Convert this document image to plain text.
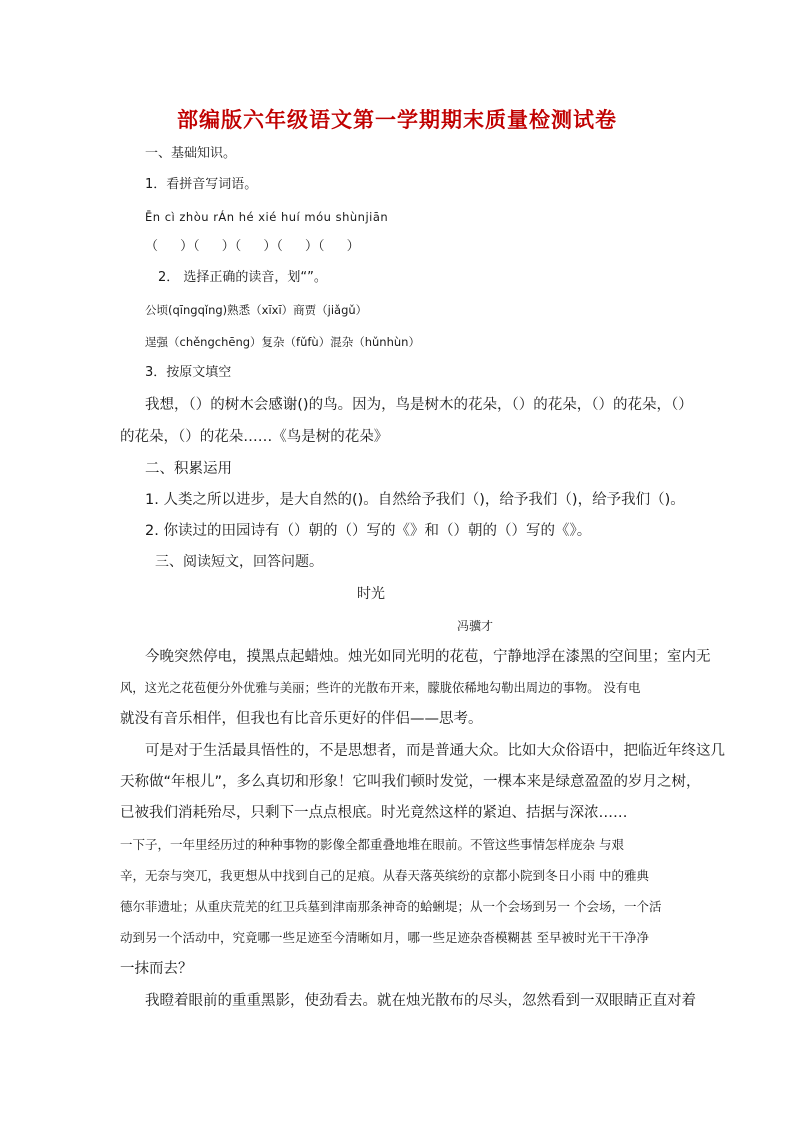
部编版六年级语文第一学期期末质量检测试卷
一、基础知识。
1．看拼音写词语。
Ēn cì zhòu rÁn hé xié huí móu shùnjiān
（ ）（ ）（ ）（ ）（ ）
2． 选择正确的读音，划“”。
公顷(qīngqǐng)熟悉（xīxī）商贾（jiǎgǔ）
逞强（chěngchēng）复杂（fǔfù）混杂（hǔnhùn）
3．按原文填空
我想，（）的树木会感谢()的鸟。因为，鸟是树木的花朵，（）的花朵，（）的花朵，（）
的花朵，（）的花朵……《鸟是树的花朵》
二、积累运用
1. 人类之所以进步，是大自然的()。自然给予我们（)，给予我们（)，给予我们（)。
2. 你读过的田园诗有（）朝的（）写的《》和（）朝的（）写的《》。
三、阅读短文，回答问题。
时光
冯骥才
今晚突然停电，摸黑点起蜡烛。烛光如同光明的花苞，宁静地浮在漆黑的空间里；室内无
风，这光之花苞便分外优雅与美丽；些许的光散布开来，朦胧依稀地勾勒出周边的事物。 没有电
就没有音乐相伴，但我也有比音乐更好的伴侣——思考。
可是对于生活最具悟性的，不是思想者，而是普通大众。比如大众俗语中，把临近年终这几
天称做“年根儿”，多么真切和形象！它叫我们顿时发觉，一棵本来是绿意盈盈的岁月之树，
已被我们消耗殆尽，只剩下一点点根底。时光竟然这样的紧迫、拮据与深浓……
一下子，一年里经历过的种种事物的影像全都重叠地堆在眼前。不管这些事情怎样庞杂 与艰
辛，无奈与突兀，我更想从中找到自己的足痕。从春天落英缤纷的京都小院到冬日小雨 中的雅典
德尔菲遗址；从重庆荒芜的红卫兵墓到津南那条神奇的蛤蜊堤；从一个会场到另一 个会场，一个活
动到另一个活动中，究竟哪一些足迹至今清晰如月，哪一些足迹杂沓模糊甚 至早被时光干干净净
一抹而去？
我瞪着眼前的重重黑影，使劲看去。就在烛光散布的尽头，忽然看到一双眼睛正直对着
